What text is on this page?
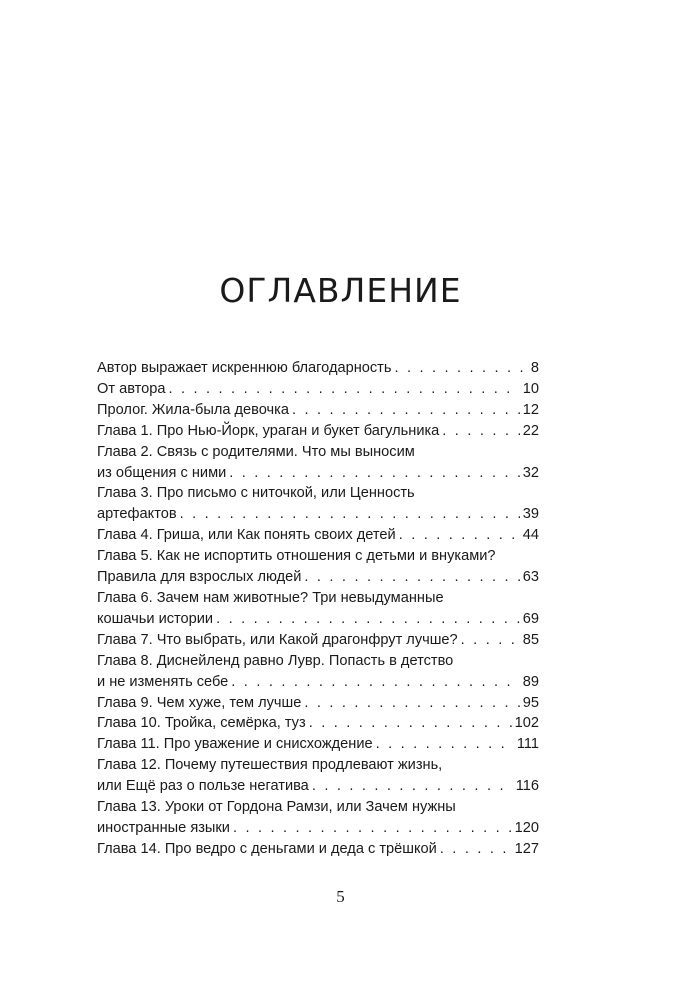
ОГЛАВЛЕНИЕ
Автор выражает искреннюю благодарность . . .	8
От автора . . .	10
Пролог. Жила-была девочка . . .	12
Глава 1. Про Нью-Йорк, ураган и букет багульника . . .	22
Глава 2. Связь с родителями. Что мы выносим
из общения с ними . . .	32
Глава 3. Про письмо с ниточкой, или Ценность
артефактов . . .	39
Глава 4. Гриша, или Как понять своих детей . . .	44
Глава 5. Как не испортить отношения с детьми и внуками?
Правила для взрослых людей . . .	63
Глава 6. Зачем нам животные? Три невыдуманные
кошачьи истории . . .	69
Глава 7. Что выбрать, или Какой драгонфрут лучше? . . .	85
Глава 8. Диснейленд равно Лувр. Попасть в детство
и не изменять себе . . .	89
Глава 9. Чем хуже, тем лучше . . .	95
Глава 10. Тройка, семёрка, туз . . .	102
Глава 11. Про уважение и снисхождение . . .	111
Глава 12. Почему путешествия продлевают жизнь,
или Ещё раз о пользе негатива . . .	116
Глава 13. Уроки от Гордона Рамзи, или Зачем нужны
иностранные языки . . .	120
Глава 14. Про ведро с деньгами и деда с трёшкой . . .	127
5
